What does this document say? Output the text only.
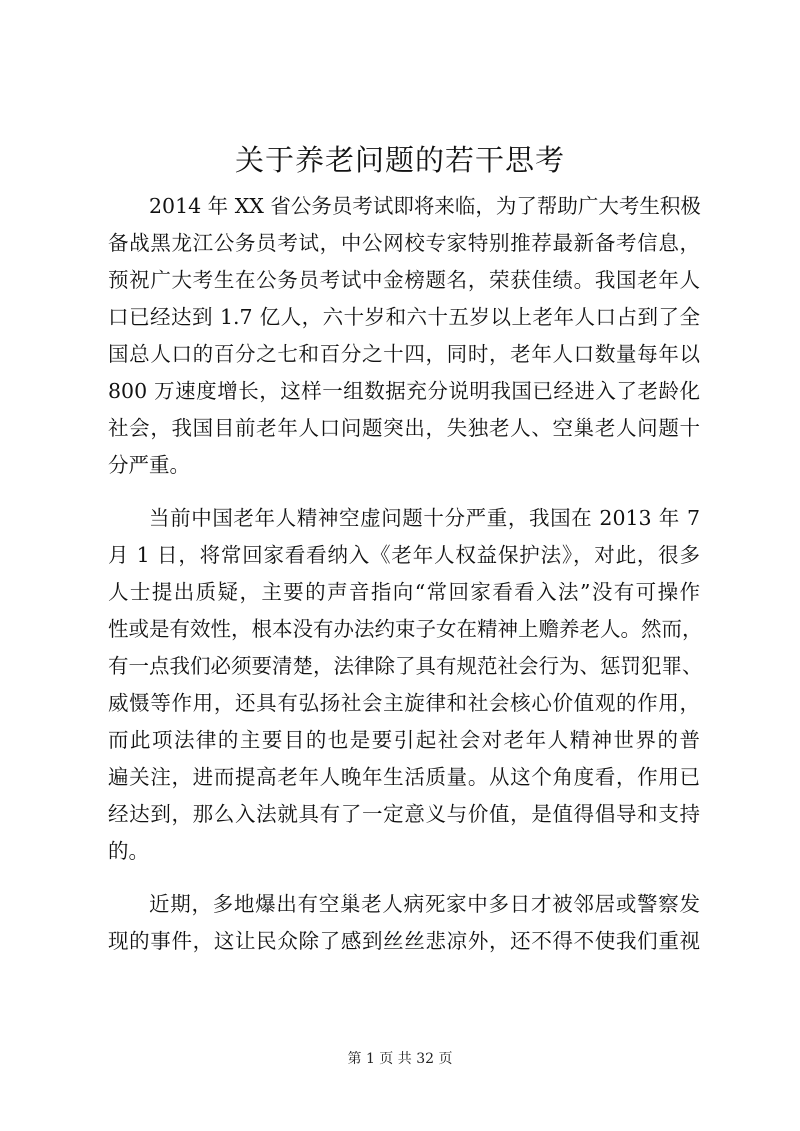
关于养老问题的若干思考
2014 年 XX 省公务员考试即将来临，为了帮助广大考生积极
备战黑龙江公务员考试，中公网校专家特别推荐最新备考信息，
预祝广大考生在公务员考试中金榜题名，荣获佳绩。我国老年人
口已经达到 1.7 亿人，六十岁和六十五岁以上老年人口占到了全
国总人口的百分之七和百分之十四，同时，老年人口数量每年以
800 万速度增长，这样一组数据充分说明我国已经进入了老龄化
社会，我国目前老年人口问题突出，失独老人、空巢老人问题十
分严重。
当前中国老年人精神空虚问题十分严重，我国在 2013 年 7
月 1 日，将常回家看看纳入《老年人权益保护法》，对此，很多
人士提出质疑，主要的声音指向“常回家看看入法”没有可操作
性或是有效性，根本没有办法约束子女在精神上赡养老人。然而，
有一点我们必须要清楚，法律除了具有规范社会行为、惩罚犯罪、
威慑等作用，还具有弘扬社会主旋律和社会核心价值观的作用，
而此项法律的主要目的也是要引起社会对老年人精神世界的普
遍关注，进而提高老年人晚年生活质量。从这个角度看，作用已
经达到，那么入法就具有了一定意义与价值，是值得倡导和支持
的。
近期，多地爆出有空巢老人病死家中多日才被邻居或警察发
现的事件，这让民众除了感到丝丝悲凉外，还不得不使我们重视
第 1 页 共 32 页
